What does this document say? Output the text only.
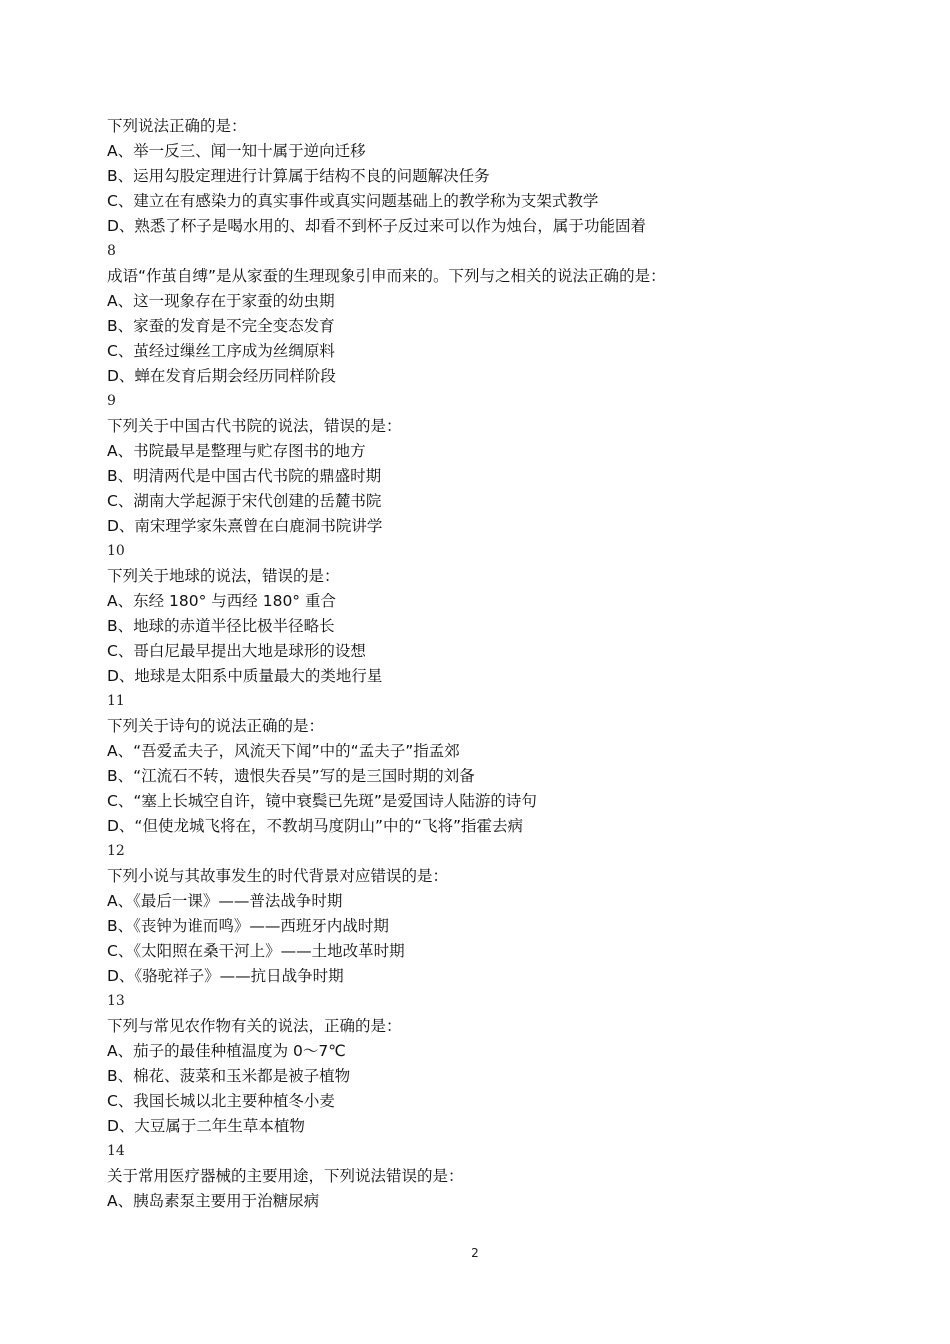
下列说法正确的是：
A、举一反三、闻一知十属于逆向迁移
B、运用勾股定理进行计算属于结构不良的问题解决任务
C、建立在有感染力的真实事件或真实问题基础上的教学称为支架式教学
D、熟悉了杯子是喝水用的、却看不到杯子反过来可以作为烛台，属于功能固着
8
成语“作茧自缚”是从家蚕的生理现象引申而来的。下列与之相关的说法正确的是：
A、这一现象存在于家蚕的幼虫期
B、家蚕的发育是不完全变态发育
C、茧经过缫丝工序成为丝绸原料
D、蝉在发育后期会经历同样阶段
9
下列关于中国古代书院的说法，错误的是：
A、书院最早是整理与贮存图书的地方
B、明清两代是中国古代书院的鼎盛时期
C、湖南大学起源于宋代创建的岳麓书院
D、南宋理学家朱熹曾在白鹿洞书院讲学
10
下列关于地球的说法，错误的是：
A、东经 180° 与西经 180° 重合
B、地球的赤道半径比极半径略长
C、哥白尼最早提出大地是球形的设想
D、地球是太阳系中质量最大的类地行星
11
下列关于诗句的说法正确的是：
A、“吾爱孟夫子，风流天下闻”中的“孟夫子”指孟郊
B、“江流石不转，遗恨失吞吴”写的是三国时期的刘备
C、“塞上长城空自许，镜中衰鬓已先斑”是爱国诗人陆游的诗句
D、“但使龙城飞将在，不教胡马度阴山”中的“飞将”指霍去病
12
下列小说与其故事发生的时代背景对应错误的是：
A、《最后一课》——普法战争时期
B、《丧钟为谁而鸣》——西班牙内战时期
C、《太阳照在桑干河上》——土地改革时期
D、《骆驼祥子》——抗日战争时期
13
下列与常见农作物有关的说法，正确的是：
A、茄子的最佳种植温度为 0～7℃
B、棉花、菠菜和玉米都是被子植物
C、我国长城以北主要种植冬小麦
D、大豆属于二年生草本植物
14
关于常用医疗器械的主要用途，下列说法错误的是：
A、胰岛素泵主要用于治糖尿病
2
